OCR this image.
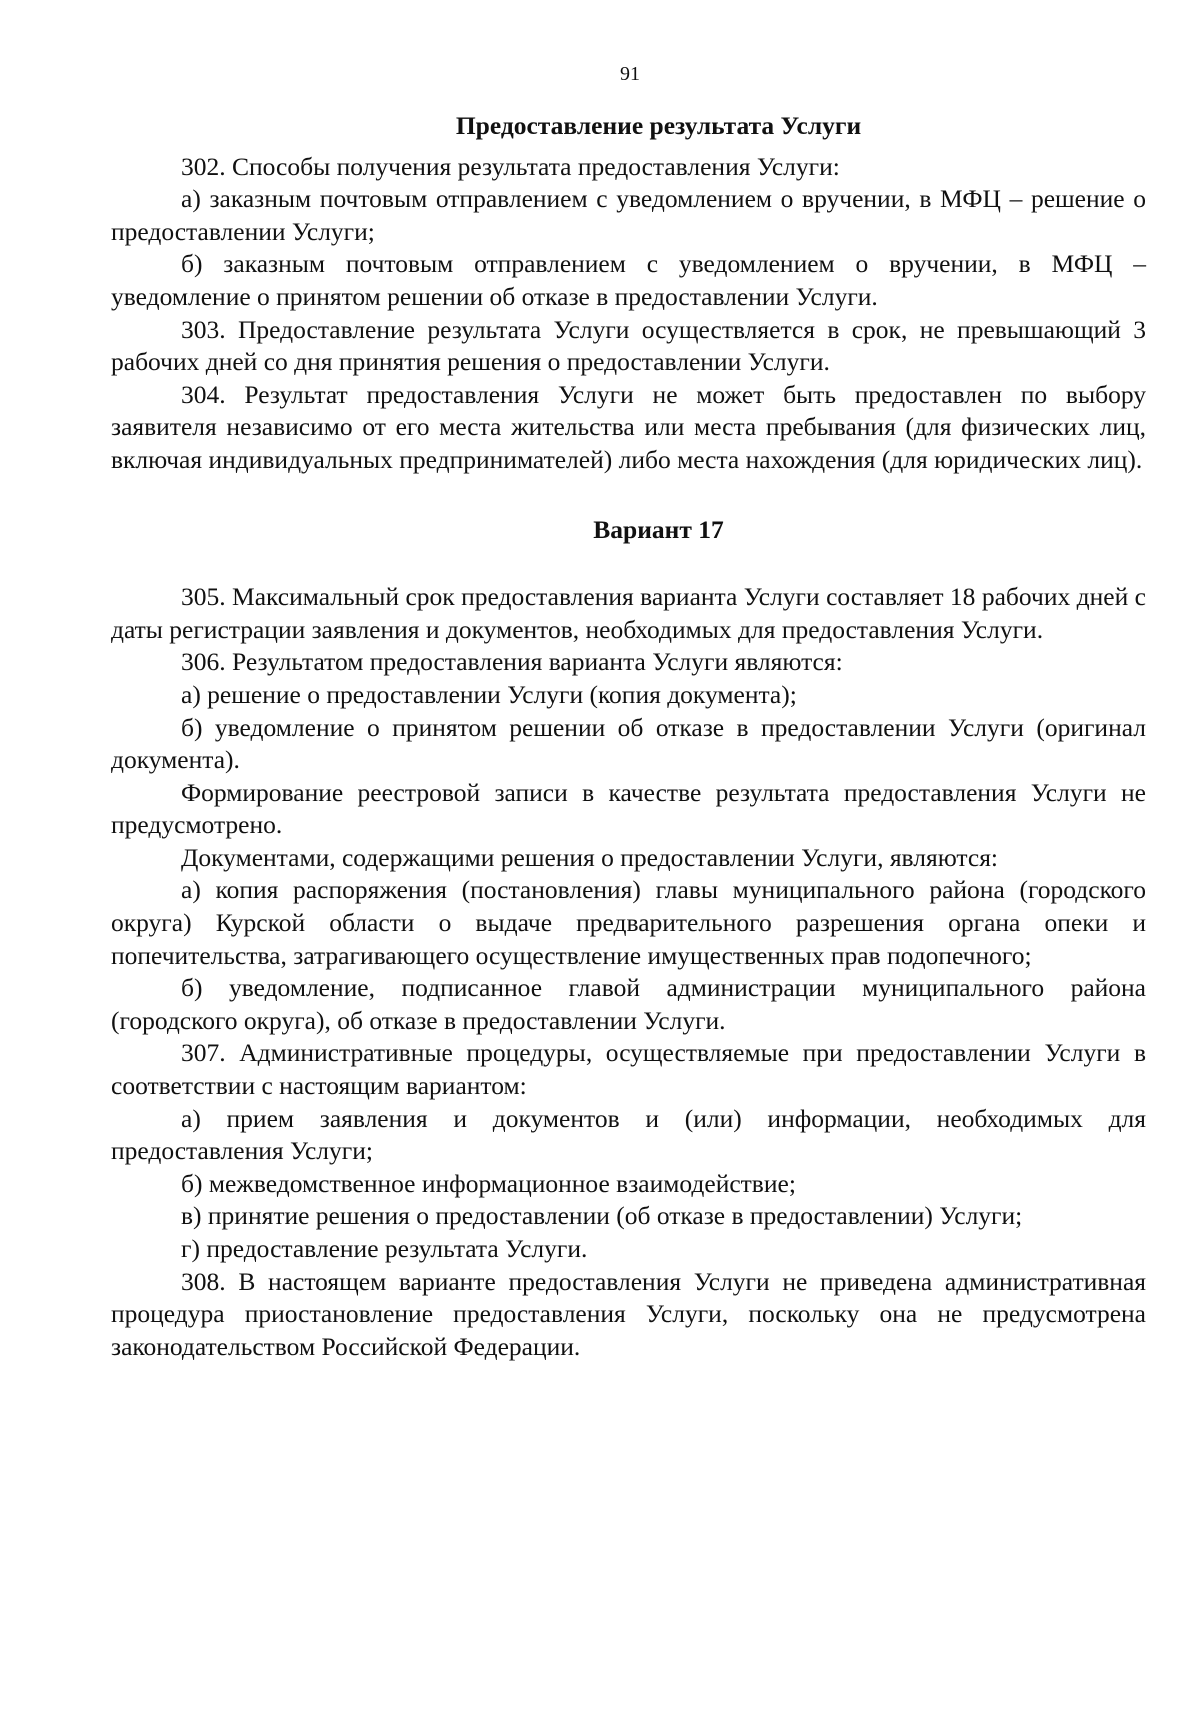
91
Предоставление результата Услуги

302. Способы получения результата предоставления Услуги:

а) заказным почтовым отправлением с уведомлением о вручении, в МФЦ – решение о предоставлении Услуги;

б) заказным почтовым отправлением с уведомлением о вручении, в МФЦ – уведомление о принятом решении об отказе в предоставлении Услуги.

303. Предоставление результата Услуги осуществляется в срок, не превышающий 3 рабочих дней со дня принятия решения о предоставлении Услуги.

304. Результат предоставления Услуги не может быть предоставлен по выбору заявителя независимо от его места жительства или места пребывания (для физических лиц, включая индивидуальных предпринимателей) либо места нахождения (для юридических лиц).

Вариант 17

305. Максимальный срок предоставления варианта Услуги составляет 18 рабочих дней с даты регистрации заявления и документов, необходимых для предоставления Услуги.

306. Результатом предоставления варианта Услуги являются:

а) решение о предоставлении Услуги (копия документа);

б) уведомление о принятом решении об отказе в предоставлении Услуги (оригинал документа).

Формирование реестровой записи в качестве результата предоставления Услуги не предусмотрено.

Документами, содержащими решения о предоставлении Услуги, являются:

а) копия распоряжения (постановления) главы муниципального района (городского округа) Курской области о выдаче предварительного разрешения органа опеки и попечительства, затрагивающего осуществление имущественных прав подопечного;

б) уведомление, подписанное главой администрации муниципального района (городского округа), об отказе в предоставлении Услуги.

307. Административные процедуры, осуществляемые при предоставлении Услуги в соответствии с настоящим вариантом:

а) прием заявления и документов и (или) информации, необходимых для предоставления Услуги;

б) межведомственное информационное взаимодействие;

в) принятие решения о предоставлении (об отказе в предоставлении) Услуги;

г) предоставление результата Услуги.

308. В настоящем варианте предоставления Услуги не приведена административная процедура приостановление предоставления Услуги, поскольку она не предусмотрена законодательством Российской Федерации.
